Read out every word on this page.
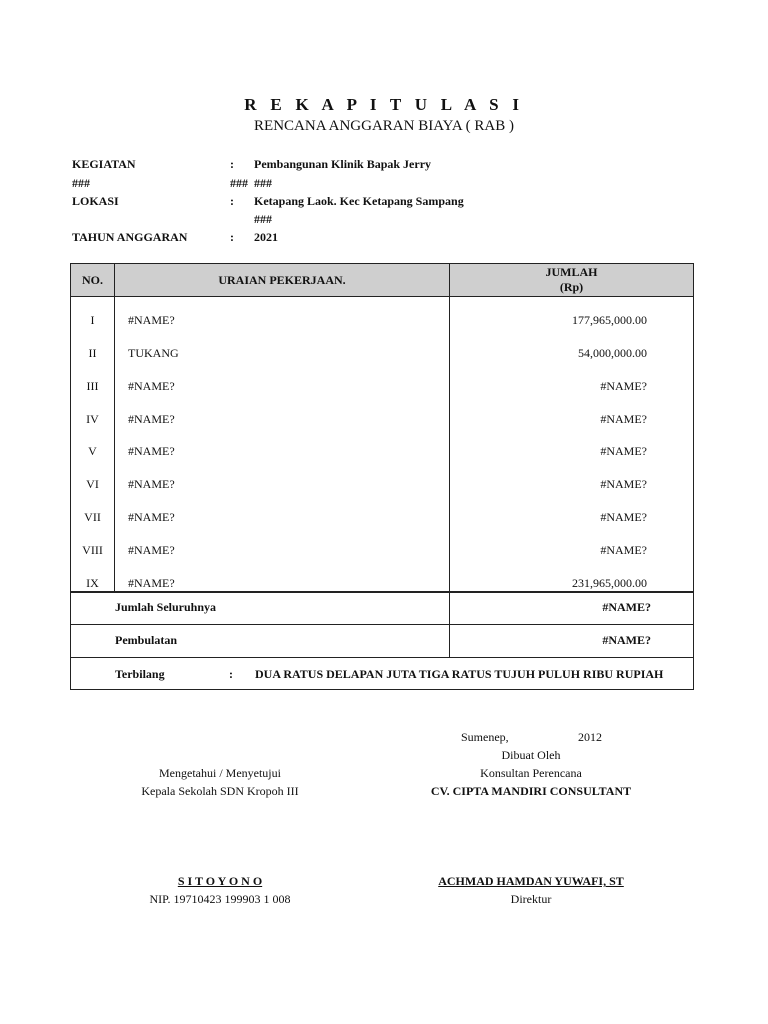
R E K A P I T U L A S I
RENCANA ANGGARAN BIAYA ( RAB )
KEGIATAN	: Pembangunan Klinik Bapak Jerry
###	### ###
LOKASI	: Ketapang Laok. Kec Ketapang Sampang
###
TAHUN ANGGARAN	: 2021
NO.	URAIAN PEKERJAAN.
JUMLAH
(Rp)
I	#NAME?	177,965,000.00
II	TUKANG	54,000,000.00
III	#NAME?	#NAME?
IV	#NAME?	#NAME?
V	#NAME?	#NAME?
VI	#NAME?	#NAME?
VII	#NAME?	#NAME?
VIII	#NAME?	#NAME?
IX	#NAME?	231,965,000.00
Jumlah Seluruhnya	#NAME?
Pembulatan	#NAME?
Terbilang	: DUA RATUS DELAPAN JUTA TIGA RATUS TUJUH PULUH RIBU RUPIAH
Sumenep,	2012
Dibuat Oleh
Konsultan Perencana
CV. CIPTA MANDIRI CONSULTANT
Mengetahui / Menyetujui
Kepala Sekolah SDN Kropoh III
S I T O Y O N O
NIP. 19710423 199903 1 008
ACHMAD HAMDAN YUWAFI, ST
Direktur
